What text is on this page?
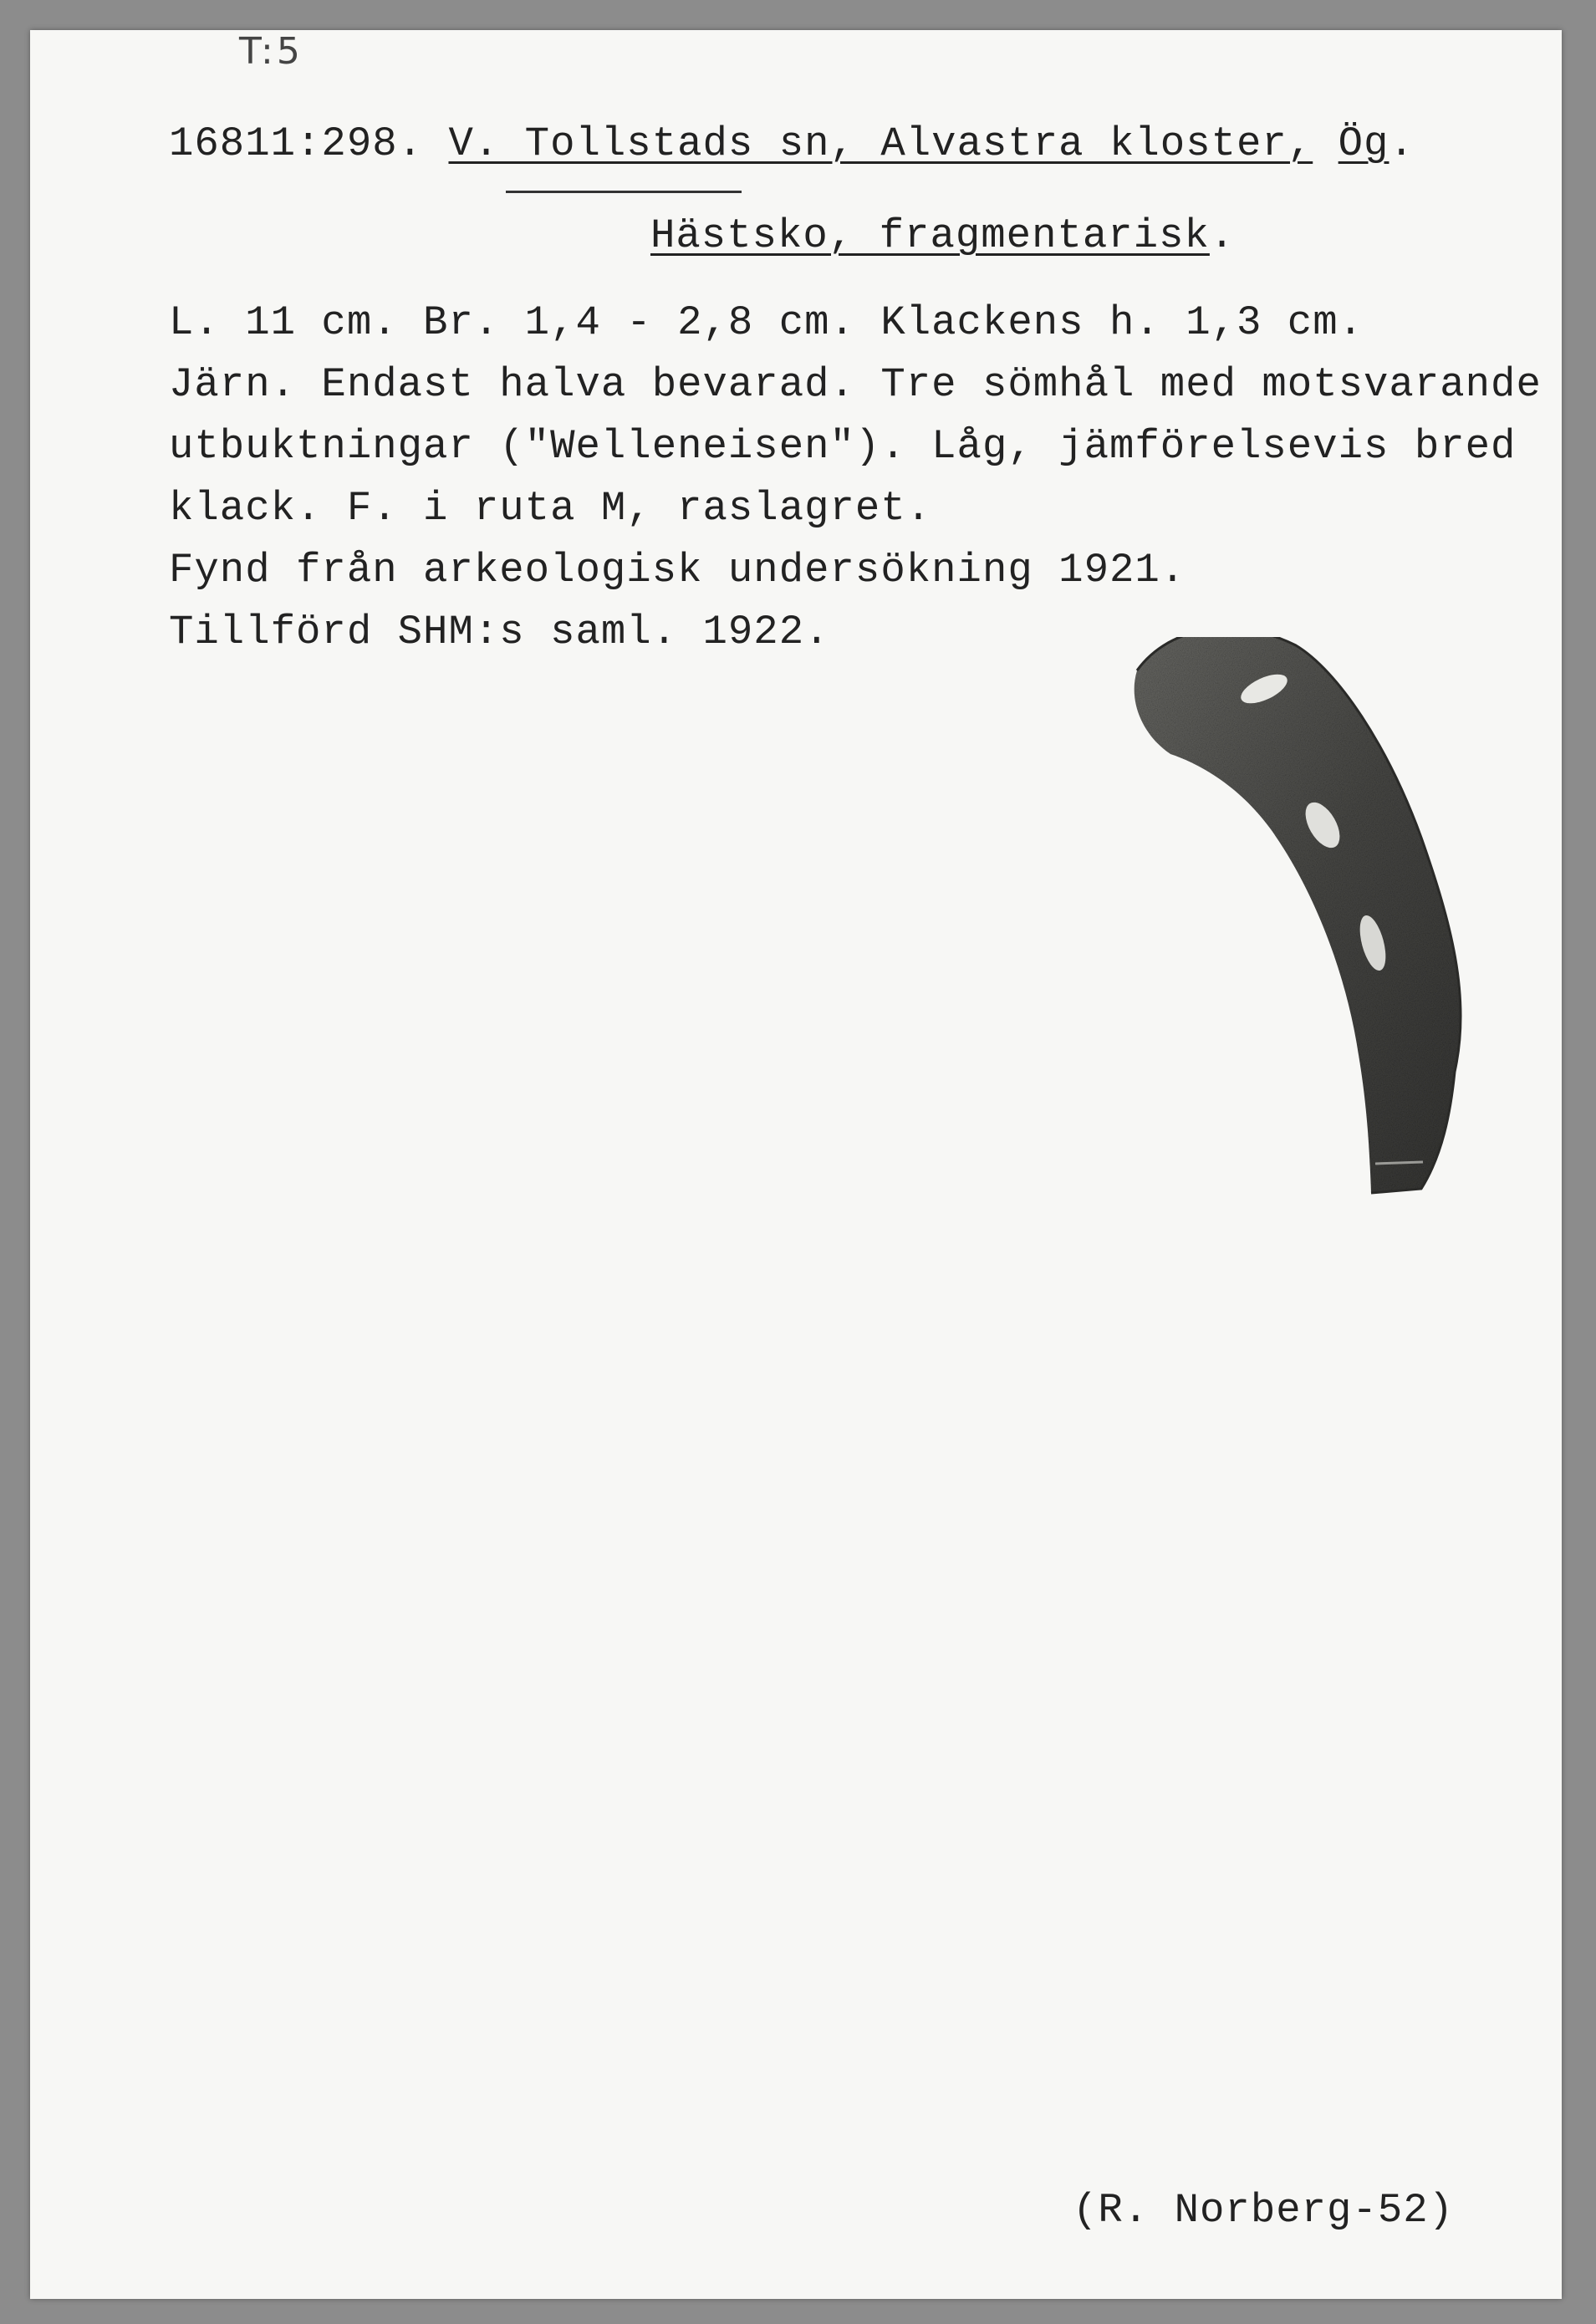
T:5
16811:298. V. Tollstads sn, Alvastra kloster, Ög.
Hästsko, fragmentarisk.
L. 11 cm. Br. 1,4 - 2,8 cm. Klackens h. 1,3 cm.
Järn. Endast halva bevarad. Tre sömhål med motsvarande
utbuktningar ("Welleneisen"). Låg, jämförelsevis bred
klack. F. i ruta M, raslagret.
Fynd från arkeologisk undersökning 1921.
Tillförd SHM:s saml. 1922.
(R. Norberg-52)
